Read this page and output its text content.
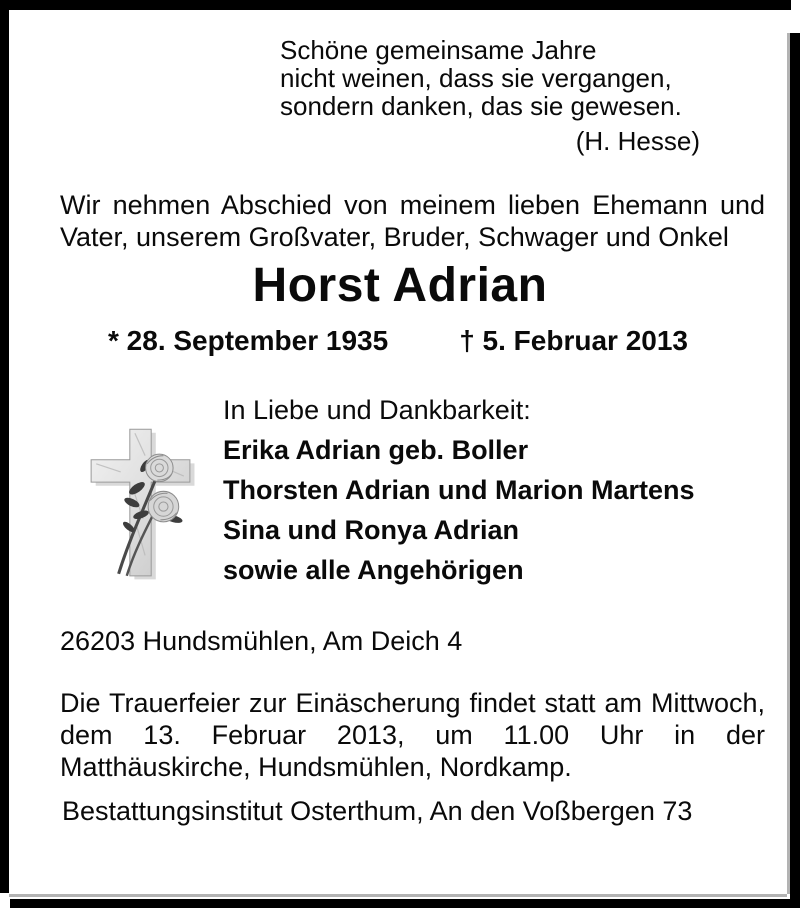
Schöne gemeinsame Jahre
nicht weinen, dass sie vergangen,
sondern danken, das sie gewesen.
(H. Hesse)
Wir nehmen Abschied von meinem lieben Ehemann und Vater, unserem Großvater, Bruder, Schwager und Onkel
Horst Adrian
* 28. September 1935	† 5. Februar 2013
In Liebe und Dankbarkeit:
Erika Adrian geb. Boller
Thorsten Adrian und Marion Martens
Sina und Ronya Adrian
sowie alle Angehörigen
26203 Hundsmühlen, Am Deich 4
Die Trauerfeier zur Einäscherung findet statt am Mittwoch, dem 13. Februar 2013, um 11.00 Uhr in der Matthäuskirche, Hundsmühlen, Nordkamp.
Bestattungsinstitut Osterthum, An den Voßbergen 73
